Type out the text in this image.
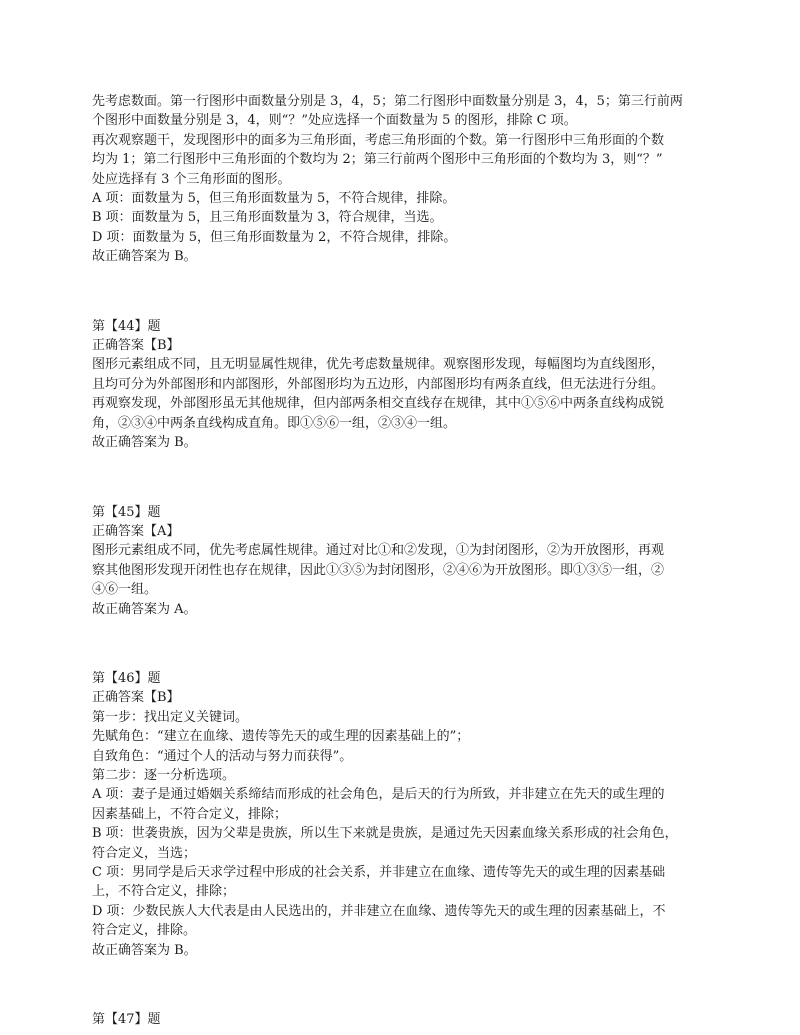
先考虑数面。第一行图形中面数量分别是 3，4，5；第二行图形中面数量分别是 3，4，5；第三行前两
个图形中面数量分别是 3，4，则“？”处应选择一个面数量为 5 的图形，排除 C 项。
再次观察题干，发现图形中的面多为三角形面，考虑三角形面的个数。第一行图形中三角形面的个数
均为 1；第二行图形中三角形面的个数均为 2；第三行前两个图形中三角形面的个数均为 3，则“？”
处应选择有 3 个三角形面的图形。
A 项：面数量为 5，但三角形面数量为 5，不符合规律，排除。
B 项：面数量为 5，且三角形面数量为 3，符合规律，当选。
D 项：面数量为 5，但三角形面数量为 2，不符合规律，排除。
故正确答案为 B。
第【44】题
正确答案【B】
图形元素组成不同，且无明显属性规律，优先考虑数量规律。观察图形发现，每幅图均为直线图形，
且均可分为外部图形和内部图形，外部图形均为五边形，内部图形均有两条直线，但无法进行分组。
再观察发现，外部图形虽无其他规律，但内部两条相交直线存在规律，其中①⑤⑥中两条直线构成锐
角，②③④中两条直线构成直角。即①⑤⑥一组，②③④一组。
故正确答案为 B。
第【45】题
正确答案【A】
图形元素组成不同，优先考虑属性规律。通过对比①和②发现，①为封闭图形，②为开放图形，再观
察其他图形发现开闭性也存在规律，因此①③⑤为封闭图形，②④⑥为开放图形。即①③⑤一组，②
④⑥一组。
故正确答案为 A。
第【46】题
正确答案【B】
第一步：找出定义关键词。
先赋角色：“建立在血缘、遗传等先天的或生理的因素基础上的”；
自致角色：“通过个人的活动与努力而获得”。
第二步：逐一分析选项。
A 项：妻子是通过婚姻关系缔结而形成的社会角色，是后天的行为所致，并非建立在先天的或生理的
因素基础上，不符合定义，排除；
B 项：世袭贵族，因为父辈是贵族，所以生下来就是贵族，是通过先天因素血缘关系形成的社会角色，
符合定义，当选；
C 项：男同学是后天求学过程中形成的社会关系，并非建立在血缘、遗传等先天的或生理的因素基础
上，不符合定义，排除；
D 项：少数民族人大代表是由人民选出的，并非建立在血缘、遗传等先天的或生理的因素基础上，不
符合定义，排除。
故正确答案为 B。
第【47】题
